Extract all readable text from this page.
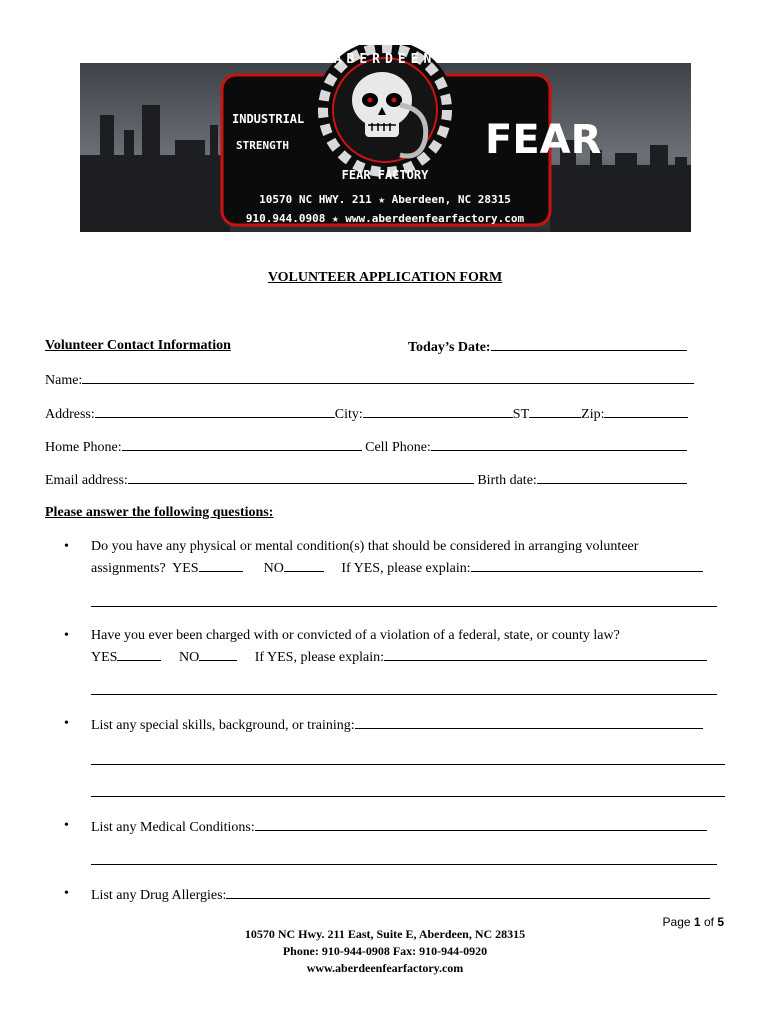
ABERDEEN
INDUSTRIAL
STRENGTH	FEAR
FEAR FACTORY
10570 NC HWY. 211 ★ Aberdeen, NC 28315
910.944.0908 ★ www.aberdeenfearfactory.com
VOLUNTEER APPLICATION FORM
Volunteer Contact Information	Today’s Date:
Name:
Address:	City:	ST	Zip:
Home Phone:	Cell Phone:
Email address:	Birth date:
Please answer the following questions:
• Do you have any physical or mental condition(s) that should be considered in arranging volunteer
assignments? YES	NO	If YES, please explain:
• Have you ever been charged with or convicted of a violation of a federal, state, or county law?
YES	NO	If YES, please explain:
• List any special skills, background, or training:
• List any Medical Conditions:
• List any Drug Allergies:
Page 1 of 5
10570 NC Hwy. 211 East, Suite E, Aberdeen, NC 28315
Phone: 910-944-0908 Fax: 910-944-0920
www.aberdeenfearfactory.com
